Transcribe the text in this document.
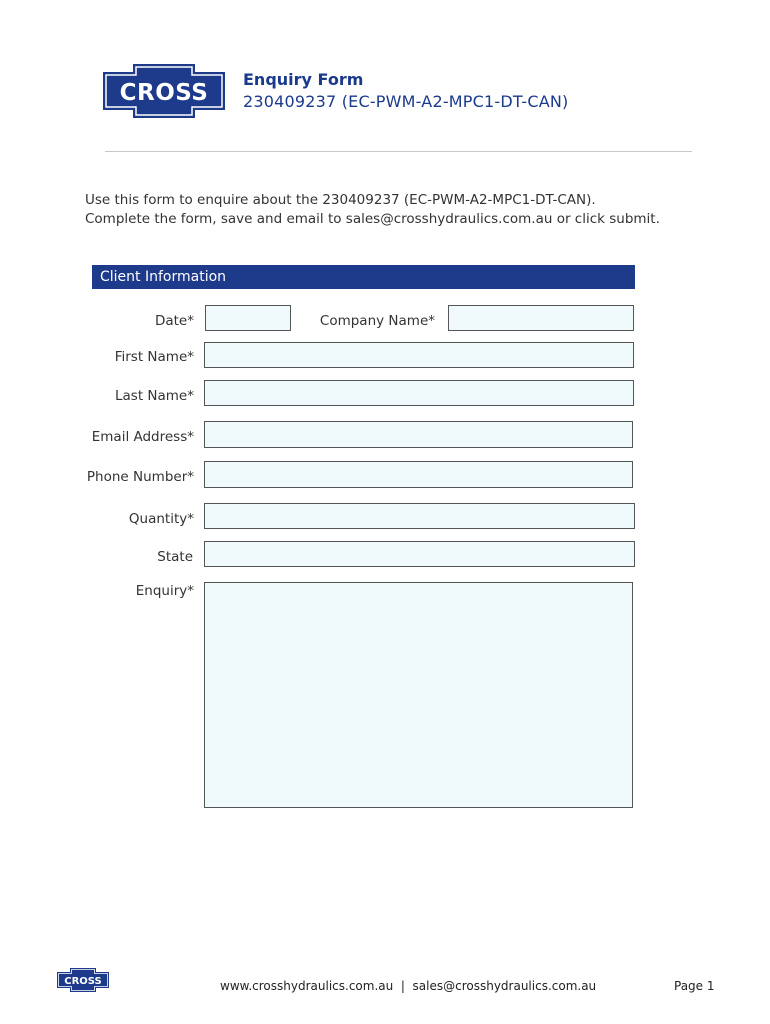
CROSS
Enquiry Form
230409237 (EC-PWM-A2-MPC1-DT-CAN)
Use this form to enquire about the 230409237 (EC-PWM-A2-MPC1-DT-CAN).
Complete the form, save and email to sales@crosshydraulics.com.au or click submit.
Client Information
Date*	Company Name*
First Name*
Last Name*
Email Address*
Phone Number*
Quantity*
State
Enquiry*
CROSS	www.crosshydraulics.com.au  |  sales@crosshydraulics.com.au	Page 1
